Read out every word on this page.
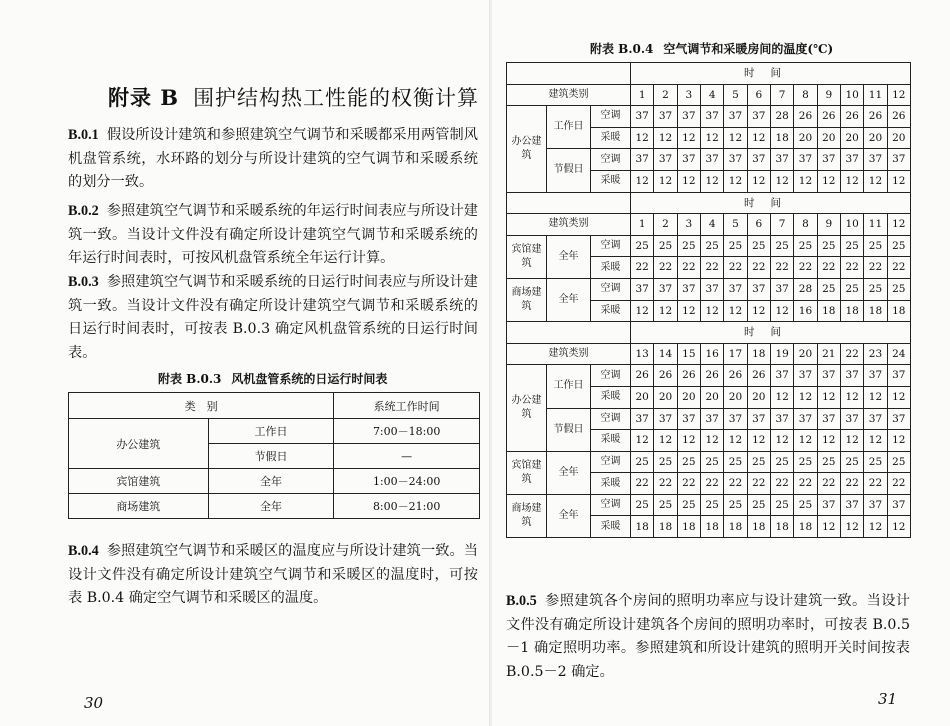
附录 B 围护结构热工性能的权衡计算
B.0.1 假设所设计建筑和参照建筑空气调节和采暖都采用两管制风机盘管系统，水环路的划分与所设计建筑的空气调节和采暖系统的划分一致。
B.0.2 参照建筑空气调节和采暖系统的年运行时间表应与所设计建筑一致。当设计文件没有确定所设计建筑空气调节和采暖系统的年运行时间表时，可按风机盘管系统全年运行计算。
B.0.3 参照建筑空气调节和采暖系统的日运行时间表应与所设计建筑一致。当设计文件没有确定所设计建筑空气调节和采暖系统的日运行时间表时，可按表 B.0.3 确定风机盘管系统的日运行时间表。
附表 B.0.3 风机盘管系统的日运行时间表
类　别		系统工作时间
办公建筑	工作日	7:00－18:00
	节假日	—
宾馆建筑	全年	1:00－24:00
商场建筑	全年	8:00－21:00
B.0.4 参照建筑空气调节和采暖区的温度应与所设计建筑一致。当设计文件没有确定所设计建筑空气调节和采暖区的温度时，可按表 B.0.4 确定空气调节和采暖区的温度。
30
附表 B.0.4 空气调节和采暖房间的温度(℃)
B.0.5 参照建筑各个房间的照明功率应与设计建筑一致。当设计文件没有确定所设计建筑各个房间的照明功率时，可按表 B.0.5－1 确定照明功率。参照建筑和所设计建筑的照明开关时间按表 B.0.5－2 确定。
31
			时间											
建筑类别			1	2	3	4	5	6	7	8	9	10	11	12
办公建筑	工作日	空调	37	37	37	37	37	37	28	26	26	26	26	26
		采暖	12	12	12	12	12	12	18	20	20	20	20	20
	节假日	空调	37	37	37	37	37	37	37	37	37	37	37	37
		采暖	12	12	12	12	12	12	12	12	12	12	12	12
			时间											
建筑类别			1	2	3	4	5	6	7	8	9	10	11	12
宾馆建筑	全年	空调	25	25	25	25	25	25	25	25	25	25	25	25
		采暖	22	22	22	22	22	22	22	22	22	22	22	22
商场建筑	全年	空调	37	37	37	37	37	37	37	28	25	25	25	25
		采暖	12	12	12	12	12	12	12	16	18	18	18	18
			时间											
建筑类别			13	14	15	16	17	18	19	20	21	22	23	24
办公建筑	工作日	空调	26	26	26	26	26	26	37	37	37	37	37	37
		采暖	20	20	20	20	20	20	12	12	12	12	12	12
	节假日	空调	37	37	37	37	37	37	37	37	37	37	37	37
		采暖	12	12	12	12	12	12	12	12	12	12	12	12
宾馆建筑	全年	空调	25	25	25	25	25	25	25	25	25	25	25	25
		采暖	22	22	22	22	22	22	22	22	22	22	22	22
商场建筑	全年	空调	25	25	25	25	25	25	25	25	37	37	37	37
		采暖	18	18	18	18	18	18	18	18	12	12	12	12
